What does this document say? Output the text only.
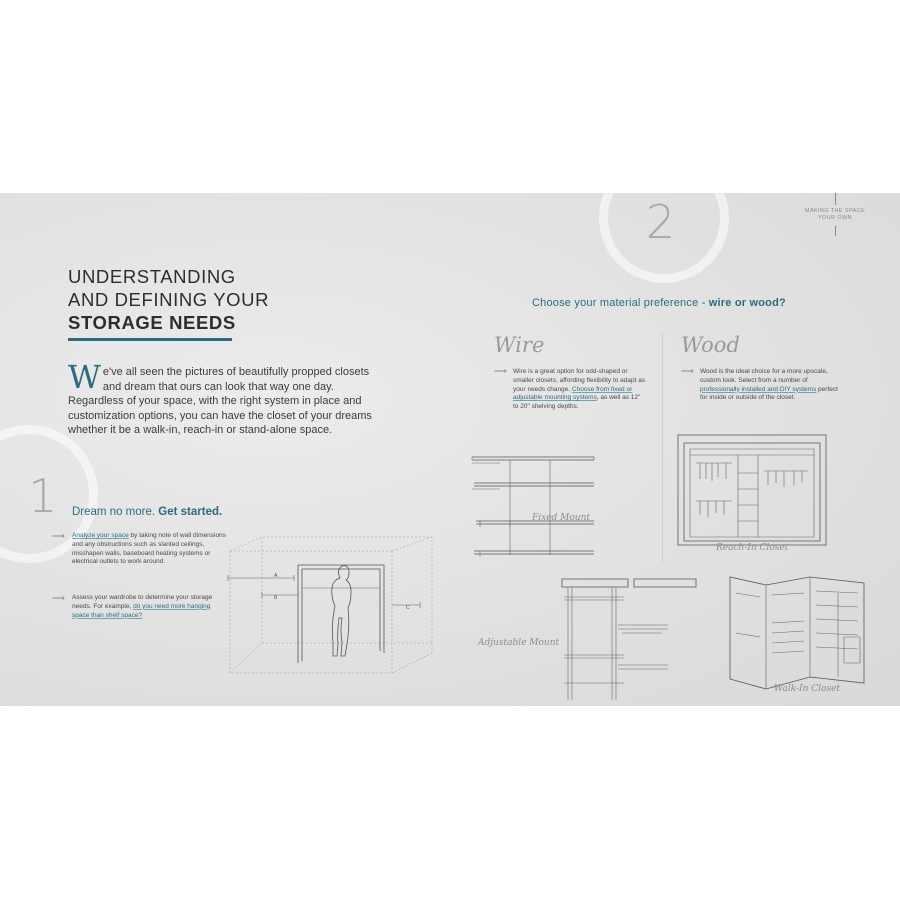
1
2	MAKING THE SPACE
YOUR OWN
UNDERSTANDING
AND DEFINING YOUR
STORAGE NEEDS
We've all seen the pictures of beautifully propped closets and dream that ours can look that way one day. Regardless of your space, with the right system in place and customization options, you can have the closet of your dreams whether it be a walk-in, reach-in or stand-alone space.
Dream no more. Get started.
⟶ Analyze your space by taking note of wall dimensions and any obstructions such as slanted ceilings, misshapen walls, baseboard heating systems or electrical outlets to work around.
⟶ Assess your wardrobe to determine your storage needs. For example, do you need more hanging space than shelf space?
A
B
C
Choose your material preference - wire or wood?
Wire
⟶ Wire is a great option for odd-shaped or smaller closets, affording flexibility to adapt as your needs change. Choose from fixed or adjustable mounting systems, as well as 12" to 20" shelving depths.
Wood
⟶ Wood is the ideal choice for a more upscale, custom look. Select from a number of professionally installed and DIY systems perfect for inside or outside of the closet.
Fixed Mount
Adjustable Mount
Reach-In Closet
Walk-In Closet
